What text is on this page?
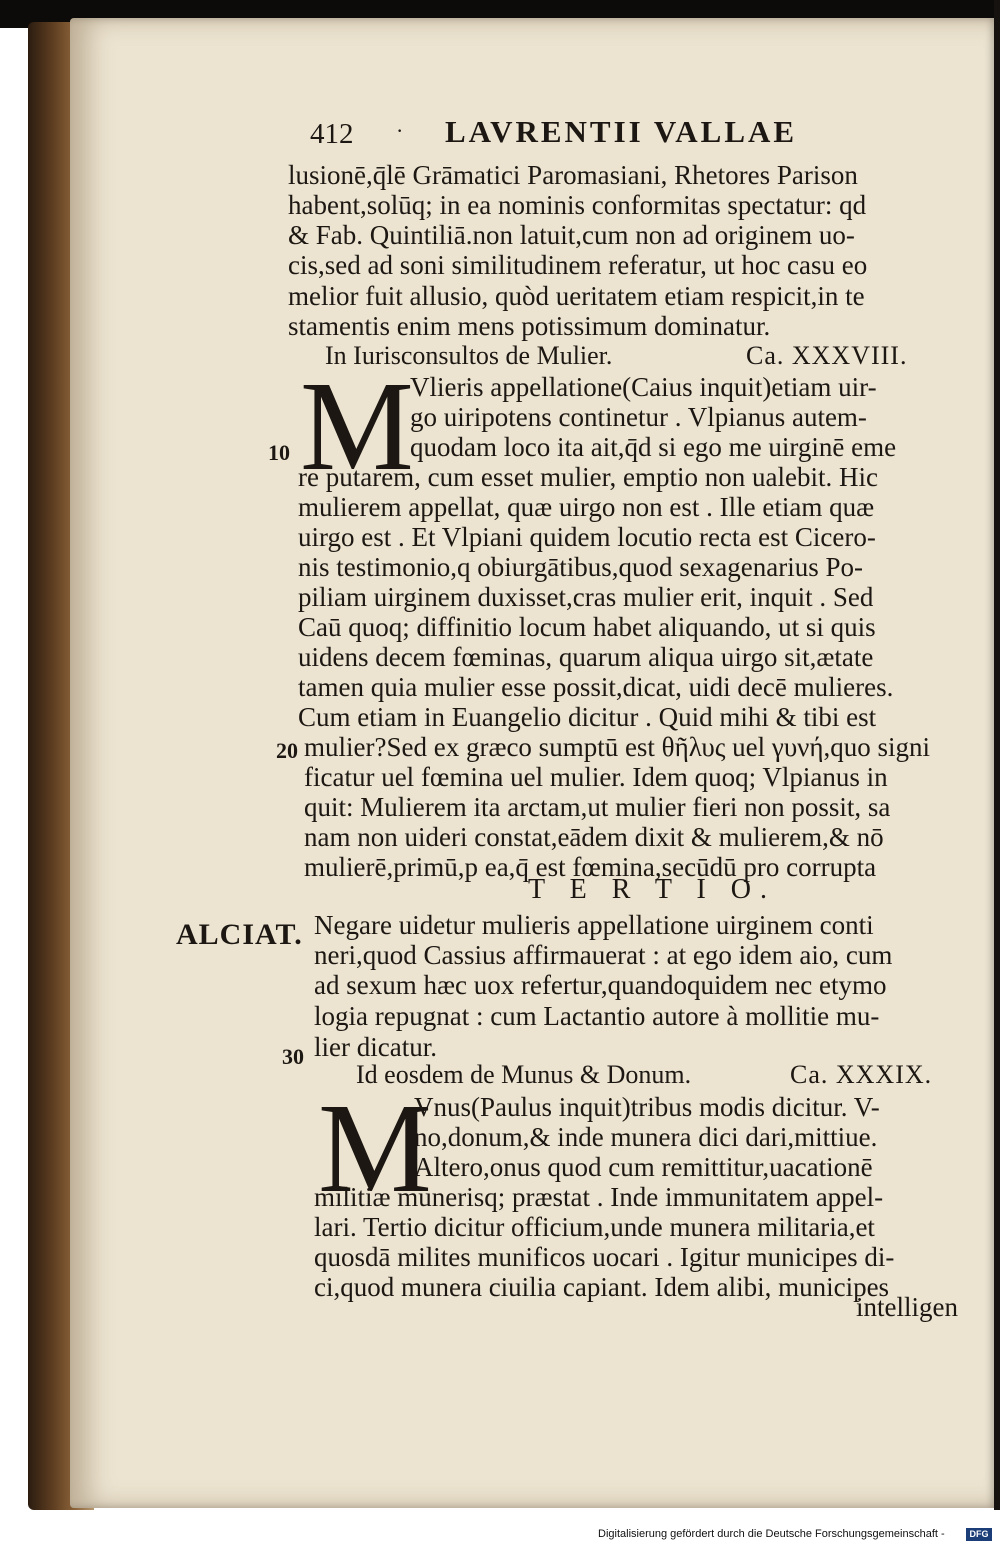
412 · LAVRENTII VALLAE
lusionē,q̄lē Grāmatici Paromasiani, Rhetores Parison
habent,solūq; in ea nominis conformitas spectatur: qd
& Fab. Quintiliā.non latuit,cum non ad originem uo-
cis,sed ad soni similitudinem referatur, ut hoc casu eo
melior fuit allusio, quòd ueritatem etiam respicit,in te
stamentis enim mens potissimum dominatur.
In Iurisconsultos de Mulier.	Ca. XXXVIII.
M
Vlieris appellatione(Caius inquit)etiam uir-
go uiripotens continetur . Vlpianus autem-
quodam loco ita ait,q̄d si ego me uirginē eme
re putarem, cum esset mulier, emptio non ualebit. Hic
mulierem appellat, quæ uirgo non est . Ille etiam quæ
uirgo est . Et Vlpiani quidem locutio recta est Cicero-
nis testimonio,q obiurgātibus,quod sexagenarius Po-
piliam uirginem duxisset,cras mulier erit, inquit . Sed
Caū quoq; diffinitio locum habet aliquando, ut si quis
uidens decem fœminas, quarum aliqua uirgo sit,ætate
tamen quia mulier esse possit,dicat, uidi decē mulieres.
Cum etiam in Euangelio dicitur . Quid mihi & tibi est
mulier?Sed ex græco sumptū est θῆλυς uel γυνή,quo signi
ficatur uel fœmina uel mulier. Idem quoq; Vlpianus in
quit: Mulierem ita arctam,ut mulier fieri non possit, sa
nam non uideri constat,eādem dixit & mulierem,& nō
mulierē,primū,p ea,q̄ est fœmina,secūdū pro corrupta
10
20
30
T E R T I O.
ALCIAT. Negare uidetur mulieris appellatione uirginem conti
neri,quod Cassius affirmauerat : at ego idem aio, cum
ad sexum hæc uox refertur,quandoquidem nec etymo
logia repugnat : cum Lactantio autore à mollitie mu-
lier dicatur.
Id eosdem de Munus & Donum.	Ca. XXXIX.
M
Vnus(Paulus inquit)tribus modis dicitur. V-
no,donum,& inde munera dici dari,mittiue.
Altero,onus quod cum remittitur,uacationē
militiæ munerisq; præstat . Inde immunitatem appel-
lari. Tertio dicitur officium,unde munera militaria,et
quosdā milites munificos uocari . Igitur municipes di-
ci,quod munera ciuilia capiant. Idem alibi, municipes
intelligen
Digitalisierung gefördert durch die Deutsche Forschungsgemeinschaft -	DFG
